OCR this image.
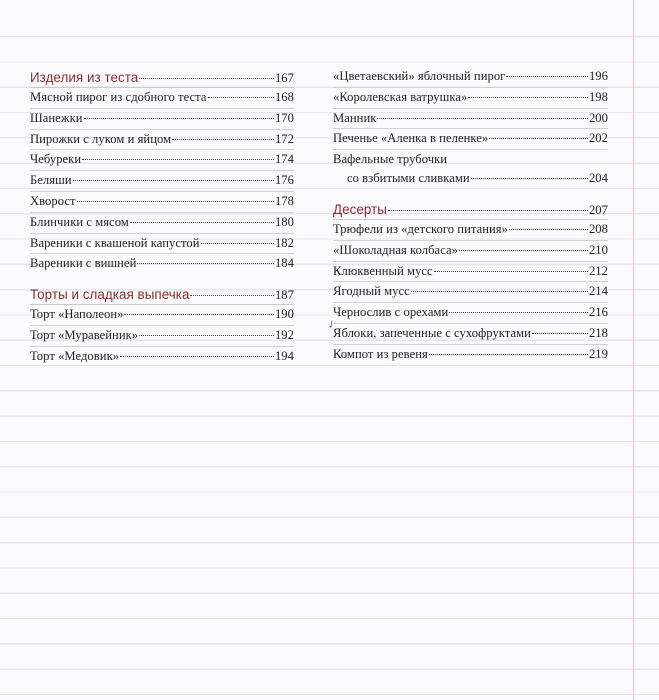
Изделия из теста	167
Мясной пирог из сдобного теста	168
Шанежки	170
Пирожки с луком и яйцом	172
Чебуреки	174
Беляши	176
Хворост	178
Блинчики с мясом	180
Вареники с квашеной капустой	182
Вареники с вишней	184
Торты и сладкая выпечка	187
Торт «Наполеон»	190
Торт «Муравейник»	192
Торт «Медовик»	194
«Цветаевский» яблочный пирог	196
«Королевская ватрушка»	198
Манник	200
Печенье «Аленка в пеленке»	202
Вафельные трубочки
со взбитыми сливками	204
Десерты	207
Трюфели из «детского питания»	208
«Шоколадная колбаса»	210
Клюквенный мусс	212
Ягодный мусс	214
Чернослив с орехами	216
Яблоки, запеченные с сухофруктами	218
Компот из ревеня	219
✓
